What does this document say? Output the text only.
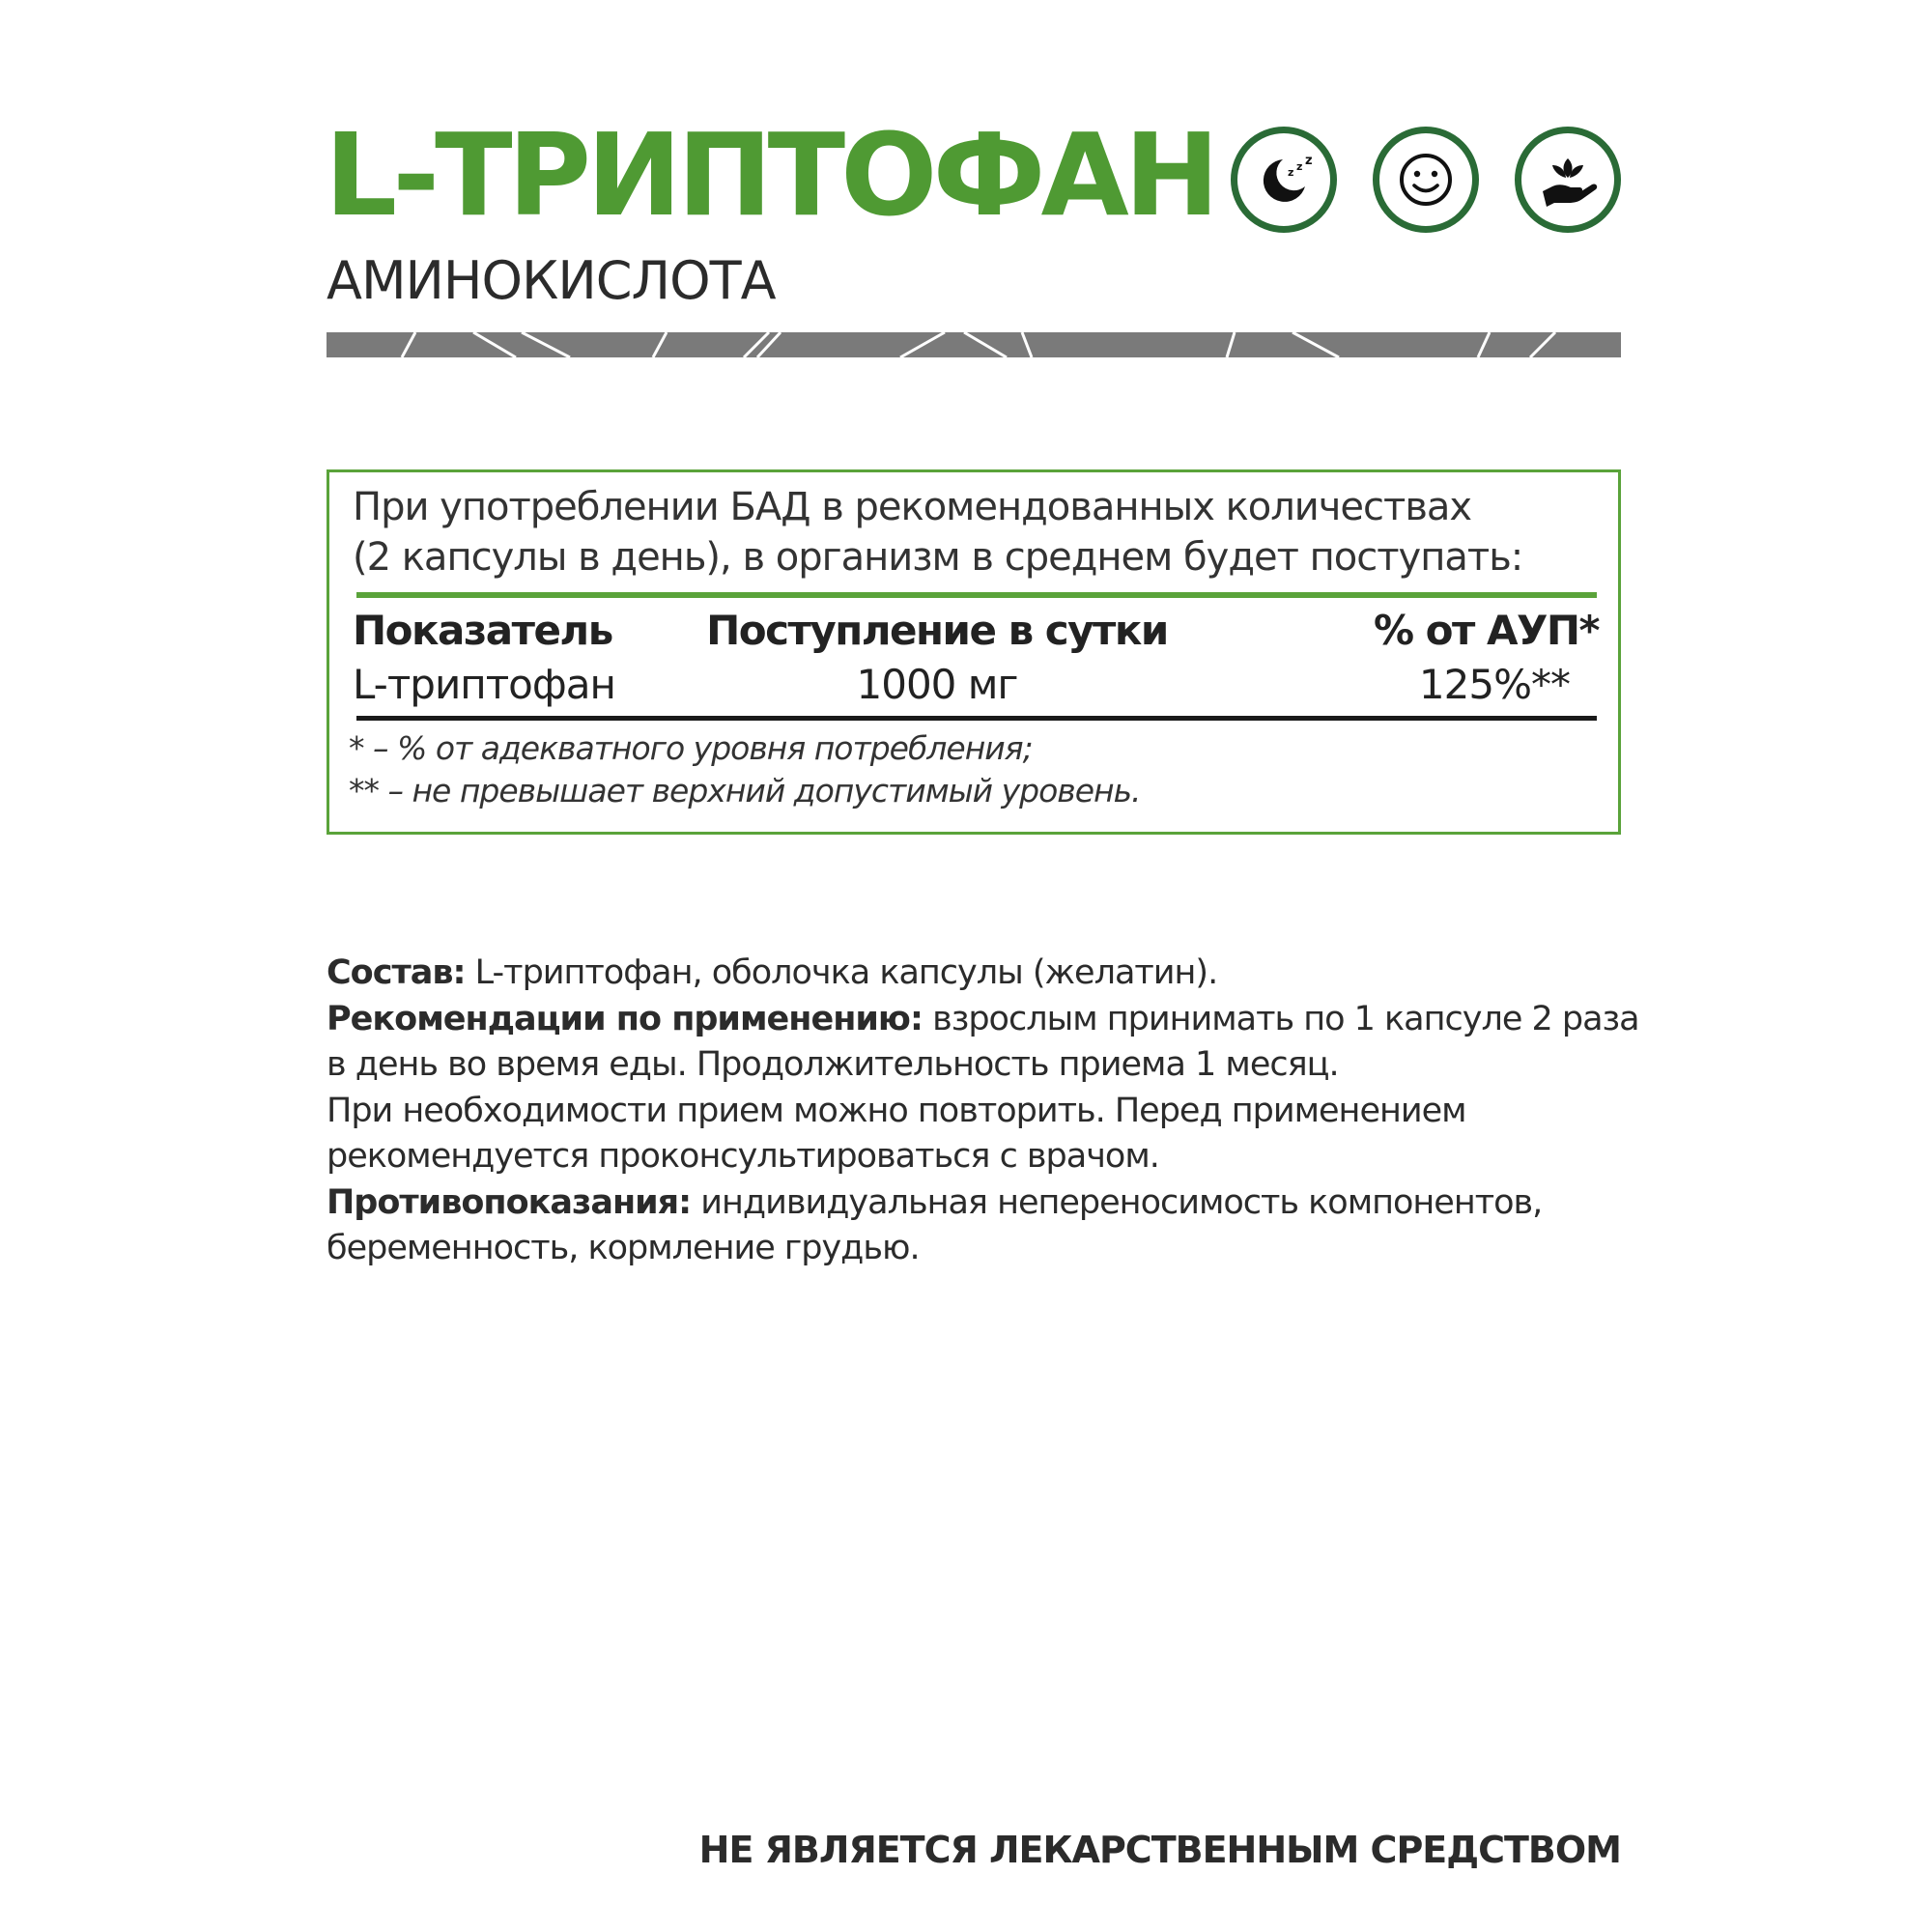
L-ТРИПТОФАН
АМИНОКИСЛОТА
z z z
При употреблении БАД в рекомендованных количествах
(2 капсулы в день), в организм в среднем будет поступать:
Показатель	Поступление в сутки	% от АУП*
L-триптофан	1000 мг	125%**
* – % от адекватного уровня потребления;
** – не превышает верхний допустимый уровень.
Состав: L-триптофан, оболочка капсулы (желатин).
Рекомендации по применению: взрослым принимать по 1 капсуле 2 раза
в день во время еды. Продолжительность приема 1 месяц.
При необходимости прием можно повторить. Перед применением
рекомендуется проконсультироваться с врачом.
Противопоказания: индивидуальная непереносимость компонентов,
беременность, кормление грудью.
НЕ ЯВЛЯЕТСЯ ЛЕКАРСТВЕННЫМ СРЕДСТВОМ
